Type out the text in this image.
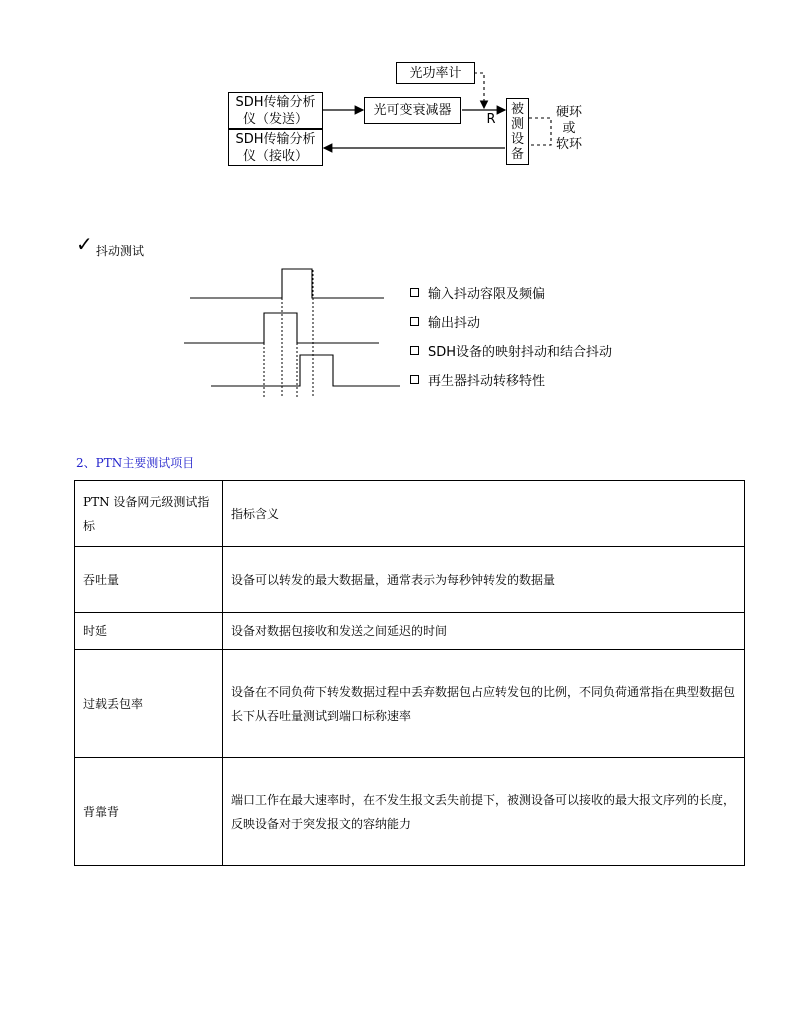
光功率计
SDH传输分析
仪（发送）
SDH传输分析
仪（接收）
光可变衰减器
R
被
测
设
备
硬环
或
软环
✓ 抖动测试
输入抖动容限及频偏
输出抖动
SDH设备的映射抖动和结合抖动
再生器抖动转移特性
2、PTN主要测试项目
PTN 设备网元级测试指标	指标含义
吞吐量	设备可以转发的最大数据量，通常表示为每秒钟转发的数据量
时延	设备对数据包接收和发送之间延迟的时间
过载丢包率	设备在不同负荷下转发数据过程中丢弃数据包占应转发包的比例，不同负荷通常指在典型数据包长下从吞吐量测试到端口标称速率
背靠背	端口工作在最大速率时，在不发生报文丢失前提下，被测设备可以接收的最大报文序列的长度，反映设备对于突发报文的容纳能力
